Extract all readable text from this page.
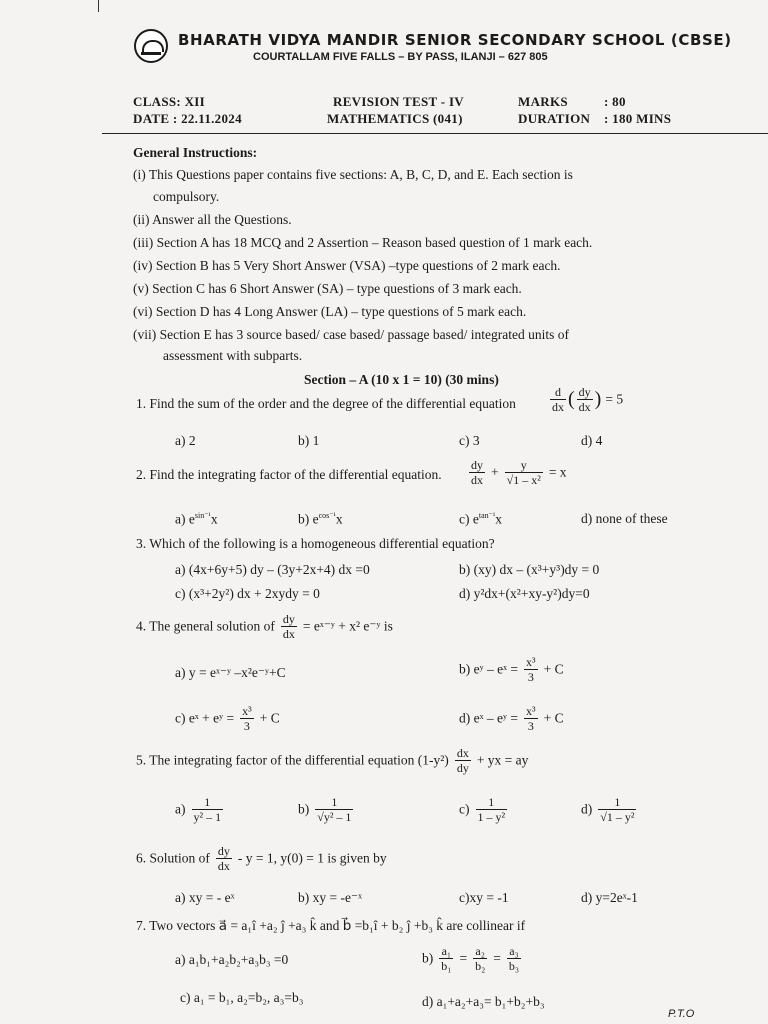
BHARATH VIDYA MANDIR SENIOR SECONDARY SCHOOL (CBSE)
COURTALLAM FIVE FALLS – BY PASS, ILANJI – 627 805
CLASS: XII
DATE : 22.11.2024
REVISION TEST - IV
MATHEMATICS (041)
MARKS	: 80
DURATION : 180 MINS
General Instructions:
(i) This Questions paper contains five sections: A, B, C, D, and E. Each section is
compulsory.
(ii) Answer all the Questions.
(iii) Section A has 18 MCQ and 2 Assertion – Reason based question of 1 mark each.
(iv) Section B has 5 Very Short Answer (VSA) –type questions of 2 mark each.
(v) Section C has 6 Short Answer (SA) – type questions of 3 mark each.
(vi) Section D has 4 Long Answer (LA) – type questions of 5 mark each.
(vii) Section E has 3 source based/ case based/ passage based/ integrated units of
assessment with subparts.
Section – A (10 x 1 = 10) (30 mins)
1. Find the sum of the order and the degree of the differential equation	$\frac{d}{dx}$ ( $\frac{dy}{dx}$ ) = 5
a) 2	b) 1	c) 3	d) 4
2. Find the integrating factor of the differential equation. $\frac{dy}{dx} + \frac{y}{\text{√1 – x²}} = x$
a) $e^{sin^{-1}}x$	b) $e^{cos^{-1}}x$	c) $e^{tan^{-1}}x$	d) none of these
3. Which of the following is a homogeneous differential equation?
a) (4x+6y+5) dy – (3y+2x+4) dx =0	b) (xy) dx – (x³+y³)dy = 0
c) (x³+2y²) dx + 2xydy = 0	d) y²dx+(x²+xy-y²)dy=0
4. The general solution of $\frac{dy}{dx}$ = eˣ⁻ʸ + x² e⁻ʸ is
a) y = eˣ⁻ʸ –x²e⁻ʸ+C	b) eʸ – eˣ = $\frac{\text{x³}}{3} + C$
c) eˣ + eʸ = $\frac{\text{x³}}{3} + C$	d) eˣ – eʸ = $\frac{\text{x³}}{3} + C$
5. The integrating factor of the differential equation $(1-y^2) \frac{dx}{dy}$ + yx = ay
$a) \frac{1}{\text{y² – 1}}$	$b) \frac{1}{\text{√y² – 1}}$	$c) \frac{1}{\text{1 – y²}}$	$d) \frac{1}{\text{√1 – y²}}$
6. Solution of $\frac{dy}{dx} - y = 1$, y(0) = 1 is given by
a) xy = - eˣ	b) xy = -e⁻ˣ	c)xy = -1	d) y=2eˣ-1
7. Two vectors a⃗ = a₁î +a₂ ĵ +a₃ k̂ and b⃗ =b₁î + b₂ ĵ +b₃ k̂ are collinear if
a) a₁b₁+a₂b₂+a₃b₃ =0	$b) \frac{\text{a₁}}{\text{b₁}} = \frac{\text{a₂}}{\text{b₂}} = \frac{\text{a₃}}{\text{b₃}}$
c) a₁ = b₁, a₂=b₂, a₃=b₃	d) a₁+a₂+a₃= b₁+b₂+b₃
P.T.O
